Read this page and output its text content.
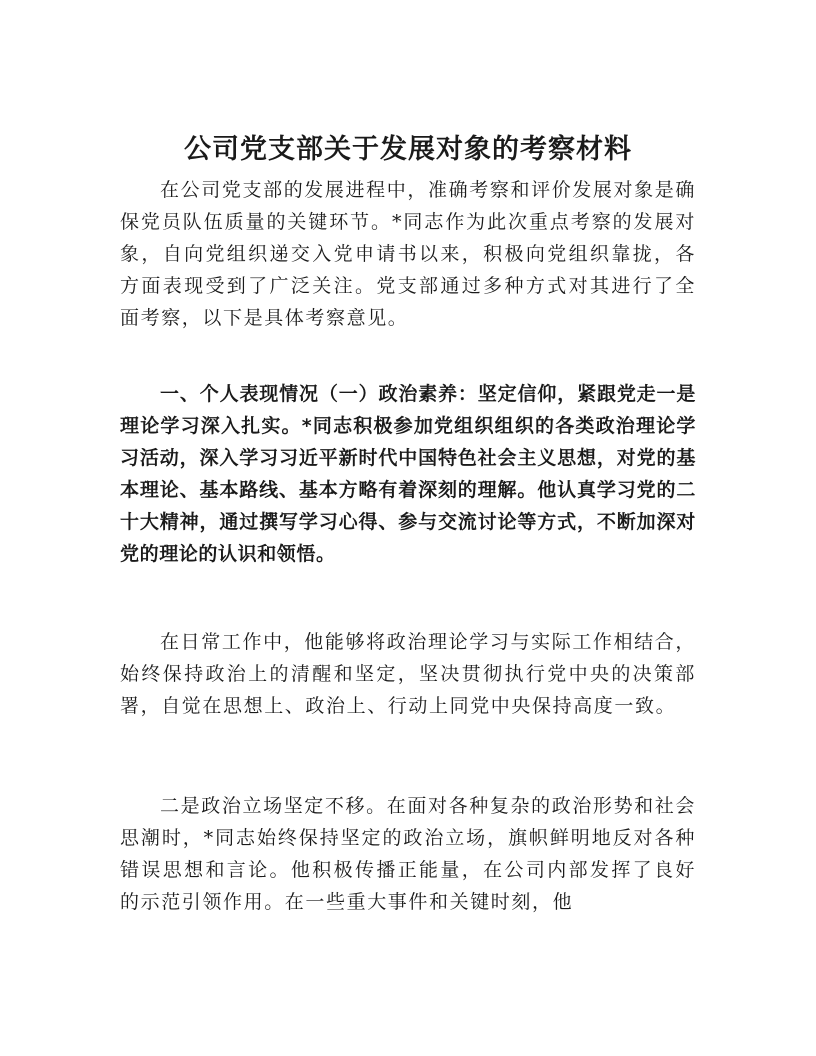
公司党支部关于发展对象的考察材料

在公司党支部的发展进程中，准确考察和评价发展对象是确保党员队伍质量的关键环节。*同志作为此次重点考察的发展对象，自向党组织递交入党申请书以来，积极向党组织靠拢，各方面表现受到了广泛关注。党支部通过多种方式对其进行了全面考察，以下是具体考察意见。

一、个人表现情况（一）政治素养：坚定信仰，紧跟党走一是理论学习深入扎实。*同志积极参加党组织组织的各类政治理论学习活动，深入学习习近平新时代中国特色社会主义思想，对党的基本理论、基本路线、基本方略有着深刻的理解。他认真学习党的二十大精神，通过撰写学习心得、参与交流讨论等方式，不断加深对党的理论的认识和领悟。

在日常工作中，他能够将政治理论学习与实际工作相结合，始终保持政治上的清醒和坚定，坚决贯彻执行党中央的决策部署，自觉在思想上、政治上、行动上同党中央保持高度一致。

二是政治立场坚定不移。在面对各种复杂的政治形势和社会思潮时，*同志始终保持坚定的政治立场，旗帜鲜明地反对各种错误思想和言论。他积极传播正能量，在公司内部发挥了良好的示范引领作用。在一些重大事件和关键时刻，他
